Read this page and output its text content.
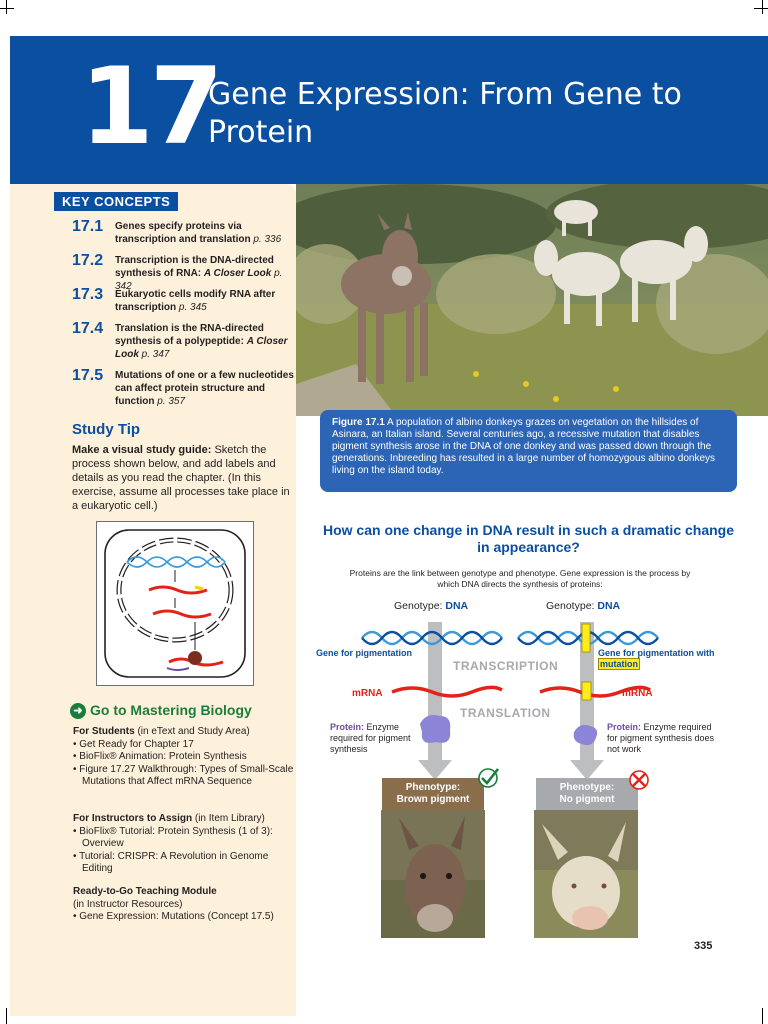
17
Gene Expression: From Gene to Protein
KEY CONCEPTS
17.1 Genes specify proteins via transcription and translation p. 336
17.2 Transcription is the DNA-directed synthesis of RNA: A Closer Look p. 342
17.3 Eukaryotic cells modify RNA after transcription p. 345
17.4 Translation is the RNA-directed synthesis of a polypeptide: A Closer Look p. 347
17.5 Mutations of one or a few nucleotides can affect protein structure and function p. 357
Study Tip
Make a visual study guide: Sketch the process shown below, and add labels and details as you read the chapter. (In this exercise, assume all processes take place in a eukaryotic cell.)
➜ Go to Mastering Biology
For Students (in eText and Study Area)
• Get Ready for Chapter 17
• BioFlix® Animation: Protein Synthesis
• Figure 17.27 Walkthrough: Types of Small-Scale Mutations that Affect mRNA Sequence
For Instructors to Assign (in Item Library)
• BioFlix® Tutorial: Protein Synthesis (1 of 3): Overview
• Tutorial: CRISPR: A Revolution in Genome Editing
Ready-to-Go Teaching Module
(in Instructor Resources)
• Gene Expression: Mutations (Concept 17.5)
Figure 17.1 A population of albino donkeys grazes on vegetation on the hillsides of Asinara, an Italian island. Several centuries ago, a recessive mutation that disables pigment synthesis arose in the DNA of one donkey and was passed down through the generations. Inbreeding has resulted in a large number of homozygous albino donkeys living on the island today.
How can one change in DNA result in such a dramatic change in appearance?
Proteins are the link between genotype and phenotype. Gene expression is the process by which DNA directs the synthesis of proteins:
Genotype: DNA	Genotype: DNA
Gene for pigmentation	Gene for pigmentation with mutation
TRANSCRIPTION
TRANSLATION
mRNA	mRNA
Protein: Enzyme required for pigment synthesis
Protein: Enzyme required for pigment synthesis does not work
Phenotype:
Brown pigment
Phenotype:
No pigment
335
